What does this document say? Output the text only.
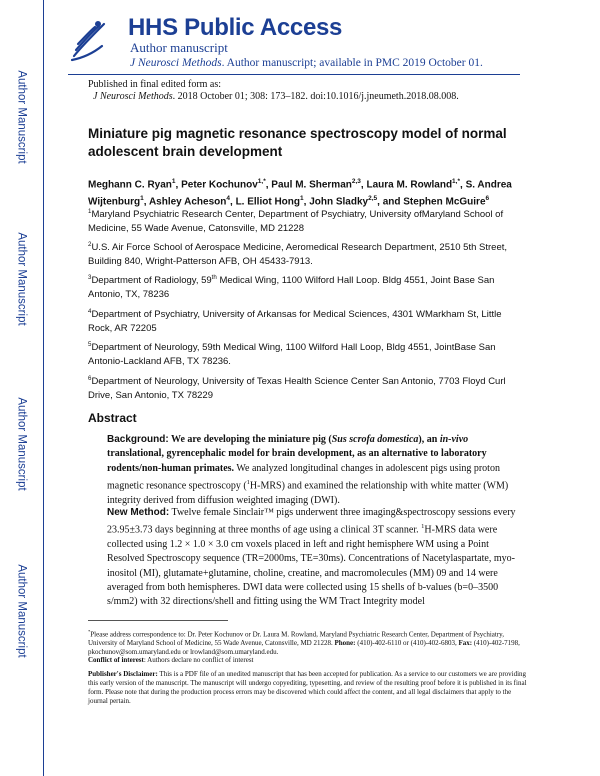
Author Manuscript
Author Manuscript
Author Manuscript
Author Manuscript
HHS Public Access
Author manuscript
J Neurosci Methods. Author manuscript; available in PMC 2019 October 01.
Published in final edited form as:
J Neurosci Methods. 2018 October 01; 308: 173–182. doi:10.1016/j.jneumeth.2018.08.008.
Miniature pig magnetic resonance spectroscopy model of normal adolescent brain development
Meghann C. Ryan$^1$, Peter Kochunov$^{1,*}$, Paul M. Sherman$^{2,3}$, Laura M. Rowland$^{1,*}$, S. Andrea Wijtenburg$^1$, Ashley Acheson$^4$, L. Elliot Hong$^1$, John Sladky$^{2,5}$, and Stephen McGuire$^6$
$^1$Maryland Psychiatric Research Center, Department of Psychiatry, University ofMaryland School of Medicine, 55 Wade Avenue, Catonsville, MD 21228
$^2$U.S. Air Force School of Aerospace Medicine, Aeromedical Research Department, 2510 5th Street, Building 840, Wright-Patterson AFB, OH 45433-7913.
$^3$Department of Radiology, 59th Medical Wing, 1100 Wilford Hall Loop. Bldg 4551, Joint Base San Antonio, TX, 78236
$^4$Department of Psychiatry, University of Arkansas for Medical Sciences, 4301 WMarkham St, Little Rock, AR 72205
$^5$Department of Neurology, 59th Medical Wing, 1100 Wilford Hall Loop, Bldg 4551, JointBase San Antonio-Lackland AFB, TX 78236.
$^6$Department of Neurology, University of Texas Health Science Center San Antonio, 7703 Floyd Curl Drive, San Antonio, TX 78229
Abstract
Background: We are developing the miniature pig (Sus scrofa domestica), an in-vivo translational, gyrencephalic model for brain development, as an alternative to laboratory rodents/non-human primates. We analyzed longitudinal changes in adolescent pigs using proton magnetic resonance spectroscopy ($^1$H-MRS) and examined the relationship with white matter (WM) integrity derived from diffusion weighted imaging (DWI).
New Method: Twelve female Sinclair™ pigs underwent three imaging&spectroscopy sessions every 23.95±3.73 days beginning at three months of age using a clinical 3T scanner. $^1$H-MRS data were collected using 1.2 × 1.0 × 3.0 cm voxels placed in left and right hemisphere WM using a Point Resolved Spectroscopy sequence (TR=2000ms, TE=30ms). Concentrations of Nacetylaspartate, myo-inositol (MI), glutamate+glutamine, choline, creatine, and macromolecules (MM) 09 and 14 were averaged from both hemispheres. DWI data were collected using 15 shells of b-values (b=0–3500 s/mm2) with 32 directions/shell and fitting using the WM Tract Integrity model
*Please address correspondence to: Dr. Peter Kochunov or Dr. Laura M. Rowland, Maryland Psychiatric Research Center, Department of Psychiatry, University of Maryland School of Medicine, 55 Wade Avenue, Catonsville, MD 21228. Phone: (410)-402-6110 or (410)-402-6803, Fax: (410)-402-7198, pkochunov@som.umaryland.edu or lrowland@som.umaryland.edu.
Conflict of interest: Authors declare no conflict of interest
Publisher's Disclaimer: This is a PDF file of an unedited manuscript that has been accepted for publication. As a service to our customers we are providing this early version of the manuscript. The manuscript will undergo copyediting, typesetting, and review of the resulting proof before it is published in its final form. Please note that during the production process errors may be discovered which could affect the content, and all legal disclaimers that apply to the journal pertain.
